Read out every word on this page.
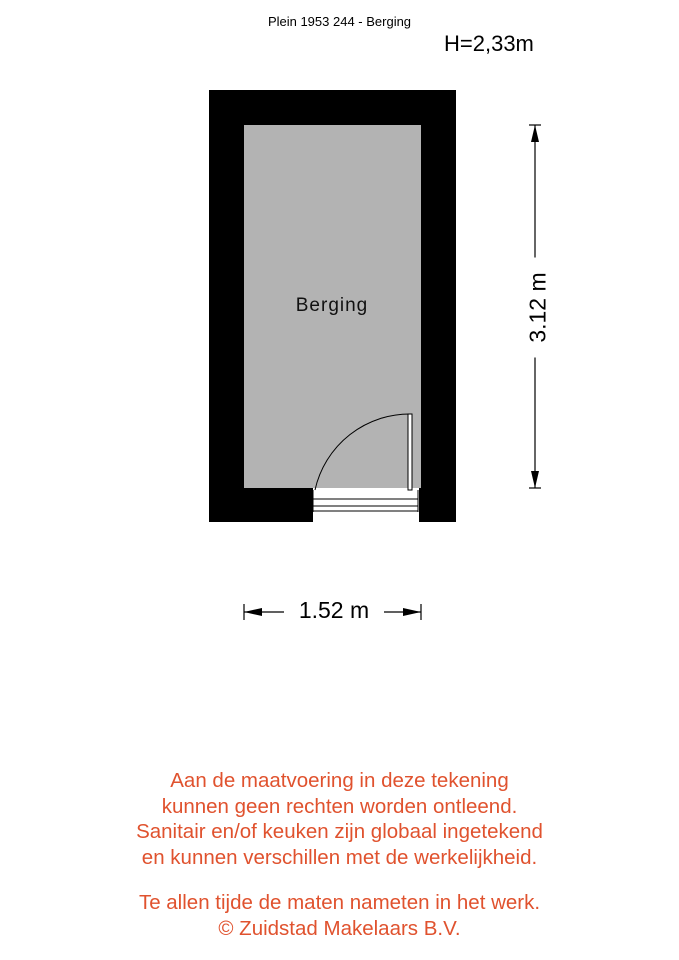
Plein 1953 244 - Berging
H=2,33m
Berging
1.52 m
3.12 m
Aan de maatvoering in deze tekening
kunnen geen rechten worden ontleend.
Sanitair en/of keuken zijn globaal ingetekend
en kunnen verschillen met de werkelijkheid.
Te allen tijde de maten nameten in het werk.
© Zuidstad Makelaars B.V.
